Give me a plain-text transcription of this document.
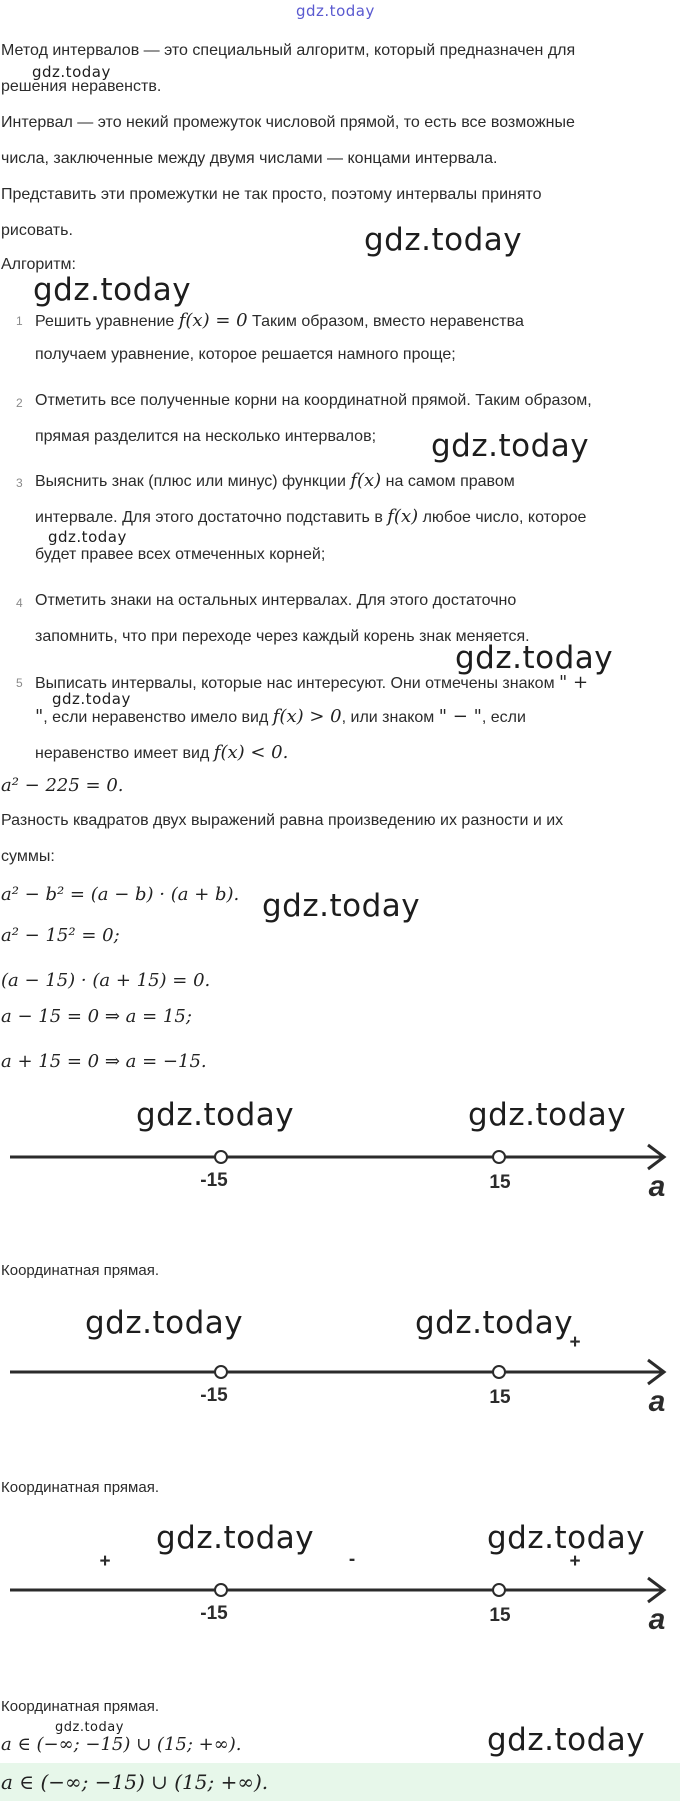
gdz.today
Метод интервалов — это специальный алгоритм, который предназначен для
решения неравенств.
gdz.today
Интервал — это некий промежуток числовой прямой, то есть все возможные
числа, заключенные между двумя числами — концами интервала.
Представить эти промежутки не так просто, поэтому интервалы принято
рисовать.	gdz.today
Алгоритм:
gdz.today
1 Решить уравнение f(x) = 0 Таким образом, вместо неравенства
получаем уравнение, которое решается намного проще;
2 Отметить все полученные корни на координатной прямой. Таким образом,
прямая разделится на несколько интервалов; gdz.today
3 Выяснить знак (плюс или минус) функции f(x) на самом правом
интервале. Для этого достаточно подставить в f(x) любое число, которое
gdz.today
будет правее всех отмеченных корней;
4 Отметить знаки на остальных интервалах. Для этого достаточно
запомнить, что при переходе через каждый корень знак меняется.
gdz.today
5 Выписать интервалы, которые нас интересуют. Они отмечены знаком " +
gdz.today
", если неравенство имело вид f(x) > 0, или знаком " − ", если
неравенство имеет вид f(x) < 0.
a² − 225 = 0.
Разность квадратов двух выражений равна произведению их разности и их
суммы:
a² − b² = (a − b) · (a + b). gdz.today
a² − 15² = 0;
(a − 15) · (a + 15) = 0.
a − 15 = 0 ⇒ a = 15;
a + 15 = 0 ⇒ a = −15.
gdz.today	gdz.today
-15	15	a
Координатная прямая.
gdz.today	gdz.today
+
-15	15	a
Координатная прямая.
gdz.today	gdz.today
+	-	+
-15	15	a
Координатная прямая.
gdz.today
a ∈ (−∞; −15) ∪ (15; +∞).	gdz.today
a ∈ (−∞; −15) ∪ (15; +∞).
